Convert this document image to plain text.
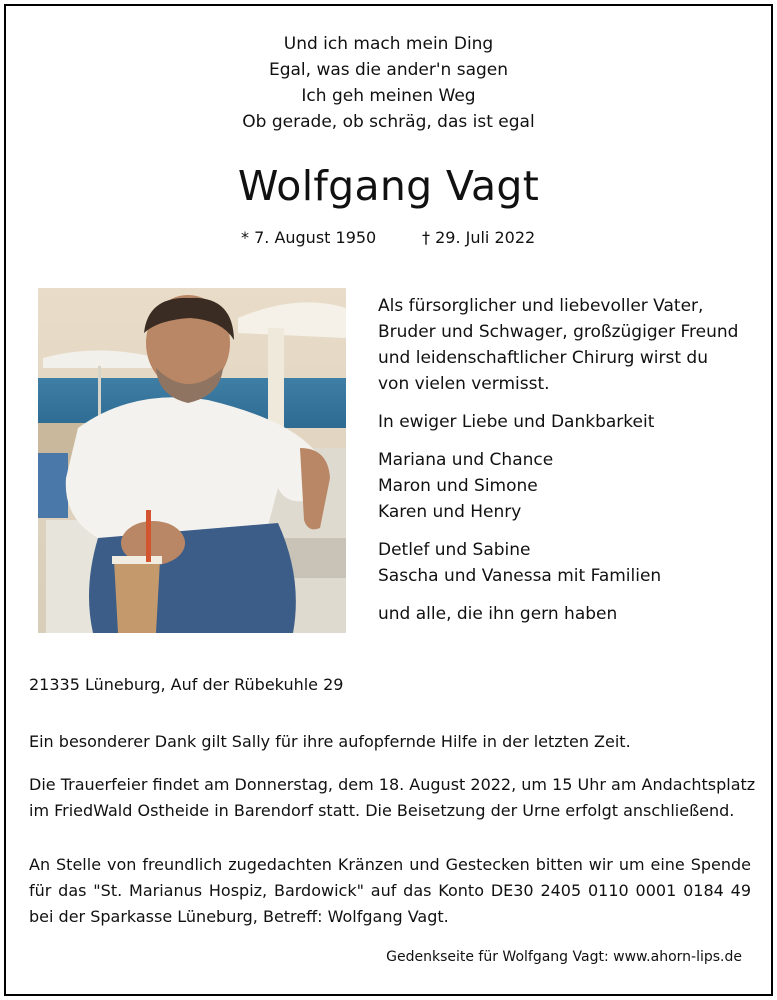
Und ich mach mein Ding
Egal, was die ander'n sagen
Ich geh meinen Weg
Ob gerade, ob schräg, das ist egal
Wolfgang Vagt
* 7. August 1950	† 29. Juli 2022

Als fürsorglicher und liebevoller Vater,

Bruder und Schwager, großzügiger Freund

und leidenschaftlicher Chirurg wirst du

von vielen vermisst.

In ewiger Liebe und Dankbarkeit

Mariana und Chance

Maron und Simone

Karen und Henry

Detlef und Sabine

Sascha und Vanessa mit Familien

und alle, die ihn gern haben

21335 Lüneburg, Auf der Rübekuhle 29
Ein besonderer Dank gilt Sally für ihre aufopfernde Hilfe in der letzten Zeit.
Die Trauerfeier findet am Donnerstag, dem 18. August 2022, um 15 Uhr am Andachtsplatz
im FriedWald Ostheide in Barendorf statt. Die Beisetzung der Urne erfolgt anschließend.
An Stelle von freundlich zugedachten Kränzen und Gestecken bitten wir um eine Spende
für das "St. Marianus Hospiz, Bardowick" auf das Konto DE30 2405 0110 0001 0184 49
bei der Sparkasse Lüneburg, Betreff: Wolfgang Vagt.
Gedenkseite für Wolfgang Vagt: www.ahorn-lips.de
